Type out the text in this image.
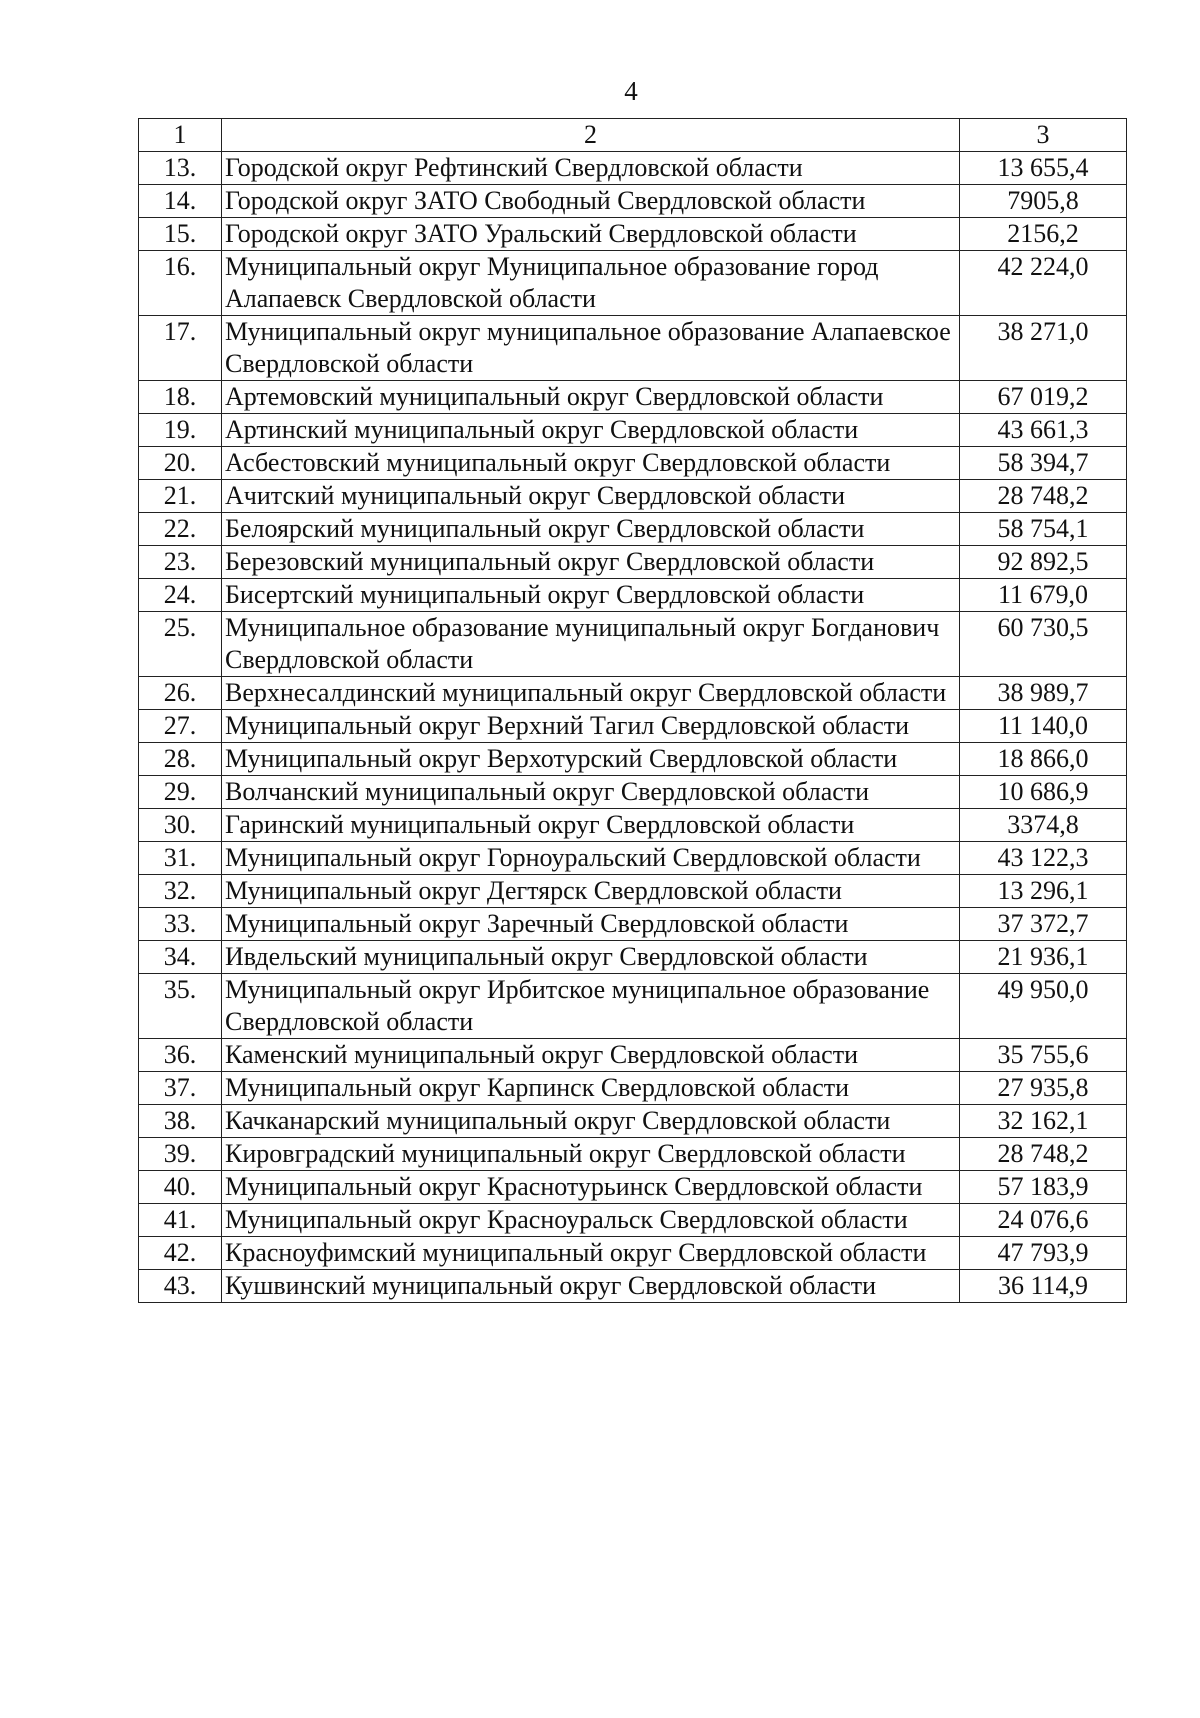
4
1	2	3
13.	Городской округ Рефтинский Свердловской области	13 655,4
14.	Городской округ ЗАТО Свободный Свердловской области	7905,8
15.	Городской округ ЗАТО Уральский Свердловской области	2156,2
16.	Муниципальный округ Муниципальное образование город Алапаевск Свердловской области	42 224,0
17.	Муниципальный округ муниципальное образование Алапаевское Свердловской области	38 271,0
18.	Артемовский муниципальный округ Свердловской области	67 019,2
19.	Артинский муниципальный округ Свердловской области	43 661,3
20.	Асбестовский муниципальный округ Свердловской области	58 394,7
21.	Ачитский муниципальный округ Свердловской области	28 748,2
22.	Белоярский муниципальный округ Свердловской области	58 754,1
23.	Березовский муниципальный округ Свердловской области	92 892,5
24.	Бисертский муниципальный округ Свердловской области	11 679,0
25.	Муниципальное образование муниципальный округ Богданович Свердловской области	60 730,5
26.	Верхнесалдинский муниципальный округ Свердловской области	38 989,7
27.	Муниципальный округ Верхний Тагил Свердловской области	11 140,0
28.	Муниципальный округ Верхотурский Свердловской области	18 866,0
29.	Волчанский муниципальный округ Свердловской области	10 686,9
30.	Гаринский муниципальный округ Свердловской области	3374,8
31.	Муниципальный округ Горноуральский Свердловской области	43 122,3
32.	Муниципальный округ Дегтярск Свердловской области	13 296,1
33.	Муниципальный округ Заречный Свердловской области	37 372,7
34.	Ивдельский муниципальный округ Свердловской области	21 936,1
35.	Муниципальный округ Ирбитское муниципальное образование Свердловской области	49 950,0
36.	Каменский муниципальный округ Свердловской области	35 755,6
37.	Муниципальный округ Карпинск Свердловской области	27 935,8
38.	Качканарский муниципальный округ Свердловской области	32 162,1
39.	Кировградский муниципальный округ Свердловской области	28 748,2
40.	Муниципальный округ Краснотурьинск Свердловской области	57 183,9
41.	Муниципальный округ Красноуральск Свердловской области	24 076,6
42.	Красноуфимский муниципальный округ Свердловской области	47 793,9
43.	Кушвинский муниципальный округ Свердловской области	36 114,9
